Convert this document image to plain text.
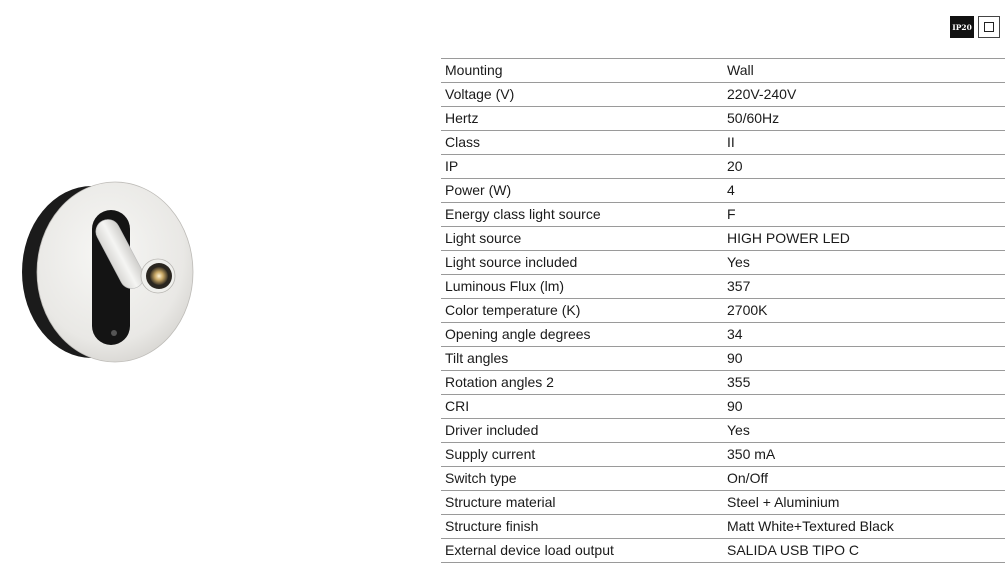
IP20
Mounting	Wall
Voltage (V)	220V-240V
Hertz	50/60Hz
Class	II
IP	20
Power (W)	4
Energy class light source	F
Light source	HIGH POWER LED
Light source included	Yes
Luminous Flux (lm)	357
Color temperature (K)	2700K
Opening angle degrees	34
Tilt angles	90
Rotation angles 2	355
CRI	90
Driver included	Yes
Supply current	350 mA
Switch type	On/Off
Structure material	Steel + Aluminium
Structure finish	Matt White+Textured Black
External device load output	SALIDA USB TIPO C
